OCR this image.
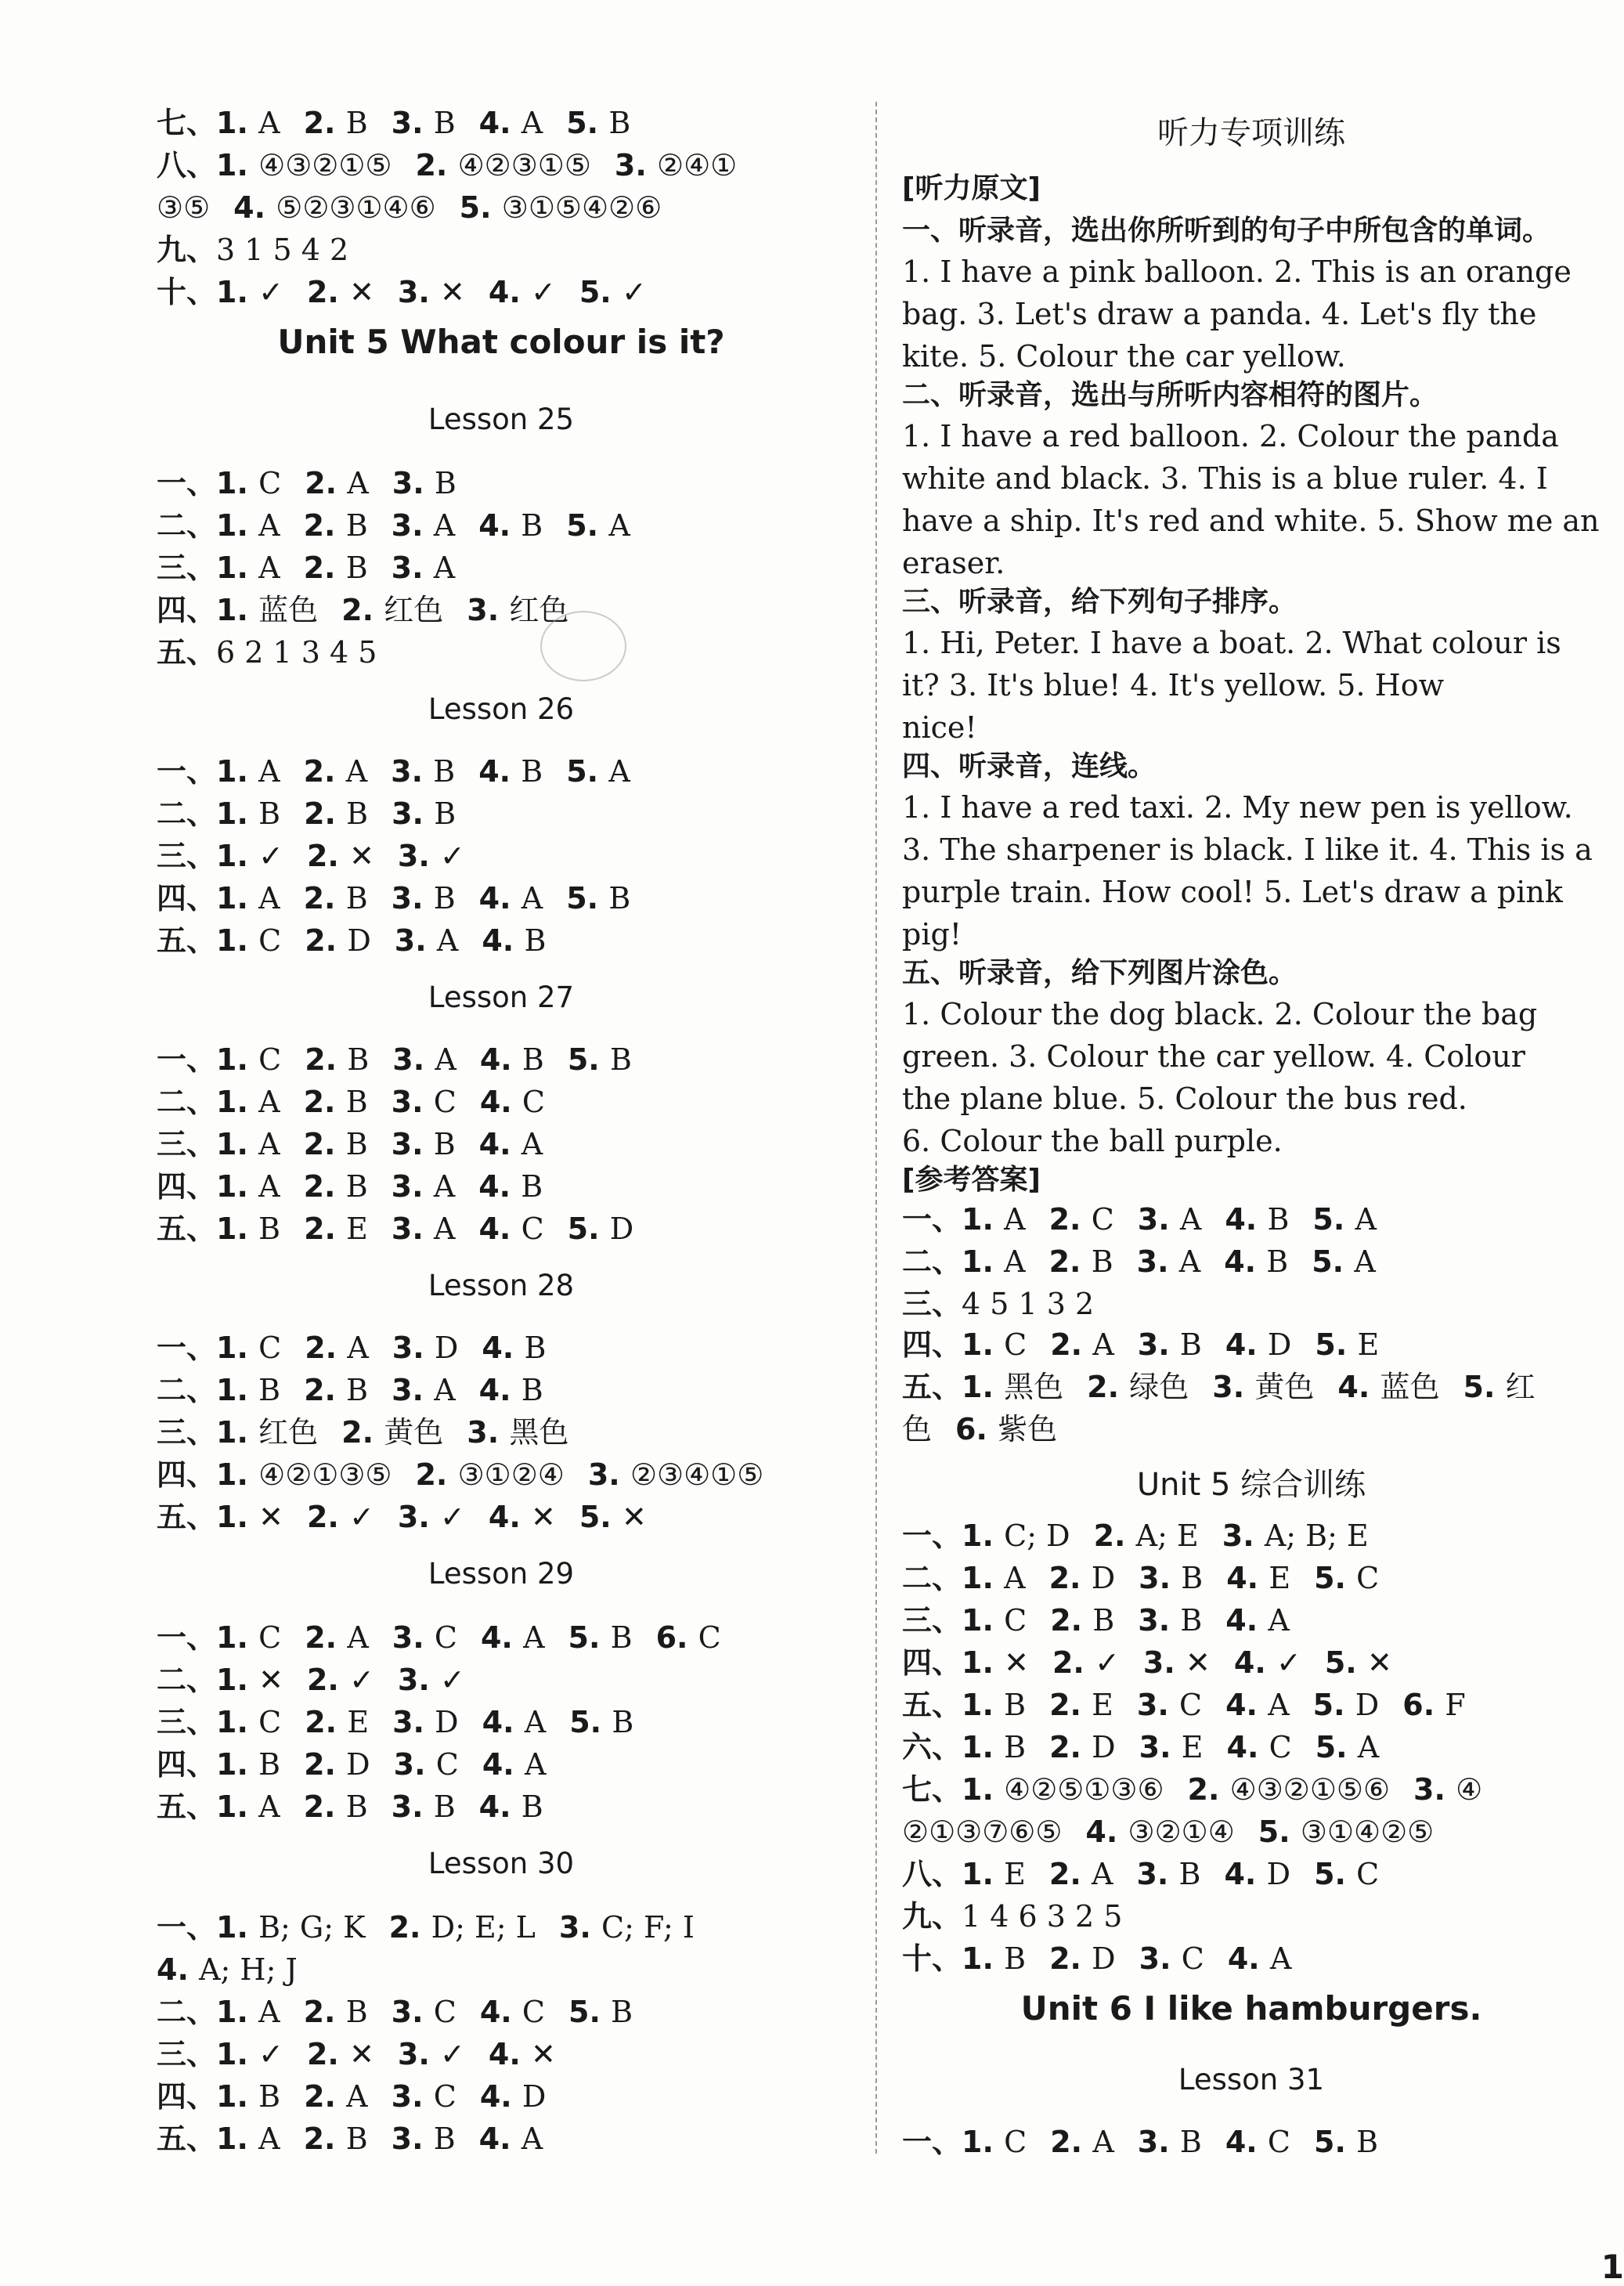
七、1. A 2. B 3. B 4. A 5. B
八、1. ④③②①⑤ 2. ④②③①⑤ 3. ②④①
③⑤ 4. ⑤②③①④⑥ 5. ③①⑤④②⑥
九、3 1 5 4 2
十、1. ✓ 2. ✕ 3. ✕ 4. ✓ 5. ✓
Unit 5 What colour is it?
Lesson 25
一、1. C 2. A 3. B
二、1. A 2. B 3. A 4. B 5. A
三、1. A 2. B 3. A
四、1. 蓝色 2. 红色 3. 红色
五、6 2 1 3 4 5
Lesson 26
一、1. A 2. A 3. B 4. B 5. A
二、1. B 2. B 3. B
三、1. ✓ 2. ✕ 3. ✓
四、1. A 2. B 3. B 4. A 5. B
五、1. C 2. D 3. A 4. B
Lesson 27
一、1. C 2. B 3. A 4. B 5. B
二、1. A 2. B 3. C 4. C
三、1. A 2. B 3. B 4. A
四、1. A 2. B 3. A 4. B
五、1. B 2. E 3. A 4. C 5. D
Lesson 28
一、1. C 2. A 3. D 4. B
二、1. B 2. B 3. A 4. B
三、1. 红色 2. 黄色 3. 黑色
四、1. ④②①③⑤ 2. ③①②④ 3. ②③④①⑤
五、1. ✕ 2. ✓ 3. ✓ 4. ✕ 5. ✕
Lesson 29
一、1. C 2. A 3. C 4. A 5. B 6. C
二、1. ✕ 2. ✓ 3. ✓
三、1. C 2. E 3. D 4. A 5. B
四、1. B 2. D 3. C 4. A
五、1. A 2. B 3. B 4. B
Lesson 30
一、1. B; G; K 2. D; E; L 3. C; F; I
4. A; H; J
二、1. A 2. B 3. C 4. C 5. B
三、1. ✓ 2. ✕ 3. ✓ 4. ✕
四、1. B 2. A 3. C 4. D
五、1. A 2. B 3. B 4. A
听力专项训练
[听力原文]
一、听录音，选出你所听到的句子中所包含的单词。
1. I have a pink balloon. 2. This is an orange
bag. 3. Let's draw a panda. 4. Let's fly the
kite. 5. Colour the car yellow.
二、听录音，选出与所听内容相符的图片。
1. I have a red balloon. 2. Colour the panda
white and black. 3. This is a blue ruler. 4. I
have a ship. It's red and white. 5. Show me an
eraser.
三、听录音，给下列句子排序。
1. Hi, Peter. I have a boat. 2. What colour is
it? 3. It's blue! 4. It's yellow. 5. How
nice!
四、听录音，连线。
1. I have a red taxi. 2. My new pen is yellow.
3. The sharpener is black. I like it. 4. This is a
purple train. How cool! 5. Let's draw a pink
pig!
五、听录音，给下列图片涂色。
1. Colour the dog black. 2. Colour the bag
green. 3. Colour the car yellow. 4. Colour
the plane blue. 5. Colour the bus red.
6. Colour the ball purple.
[参考答案]
一、1. A 2. C 3. A 4. B 5. A
二、1. A 2. B 3. A 4. B 5. A
三、4 5 1 3 2
四、1. C 2. A 3. B 4. D 5. E
五、1. 黑色 2. 绿色 3. 黄色 4. 蓝色 5. 红
色 6. 紫色
Unit 5 综合训练
一、1. C; D 2. A; E 3. A; B; E
二、1. A 2. D 3. B 4. E 5. C
三、1. C 2. B 3. B 4. A
四、1. ✕ 2. ✓ 3. ✕ 4. ✓ 5. ✕
五、1. B 2. E 3. C 4. A 5. D 6. F
六、1. B 2. D 3. E 4. C 5. A
七、1. ④②⑤①③⑥ 2. ④③②①⑤⑥ 3. ④
②①③⑦⑥⑤ 4. ③②①④ 5. ③①④②⑤
八、1. E 2. A 3. B 4. D 5. C
九、1 4 6 3 2 5
十、1. B 2. D 3. C 4. A
Unit 6 I like hamburgers.
Lesson 31
一、1. C 2. A 3. B 4. C 5. B
1
